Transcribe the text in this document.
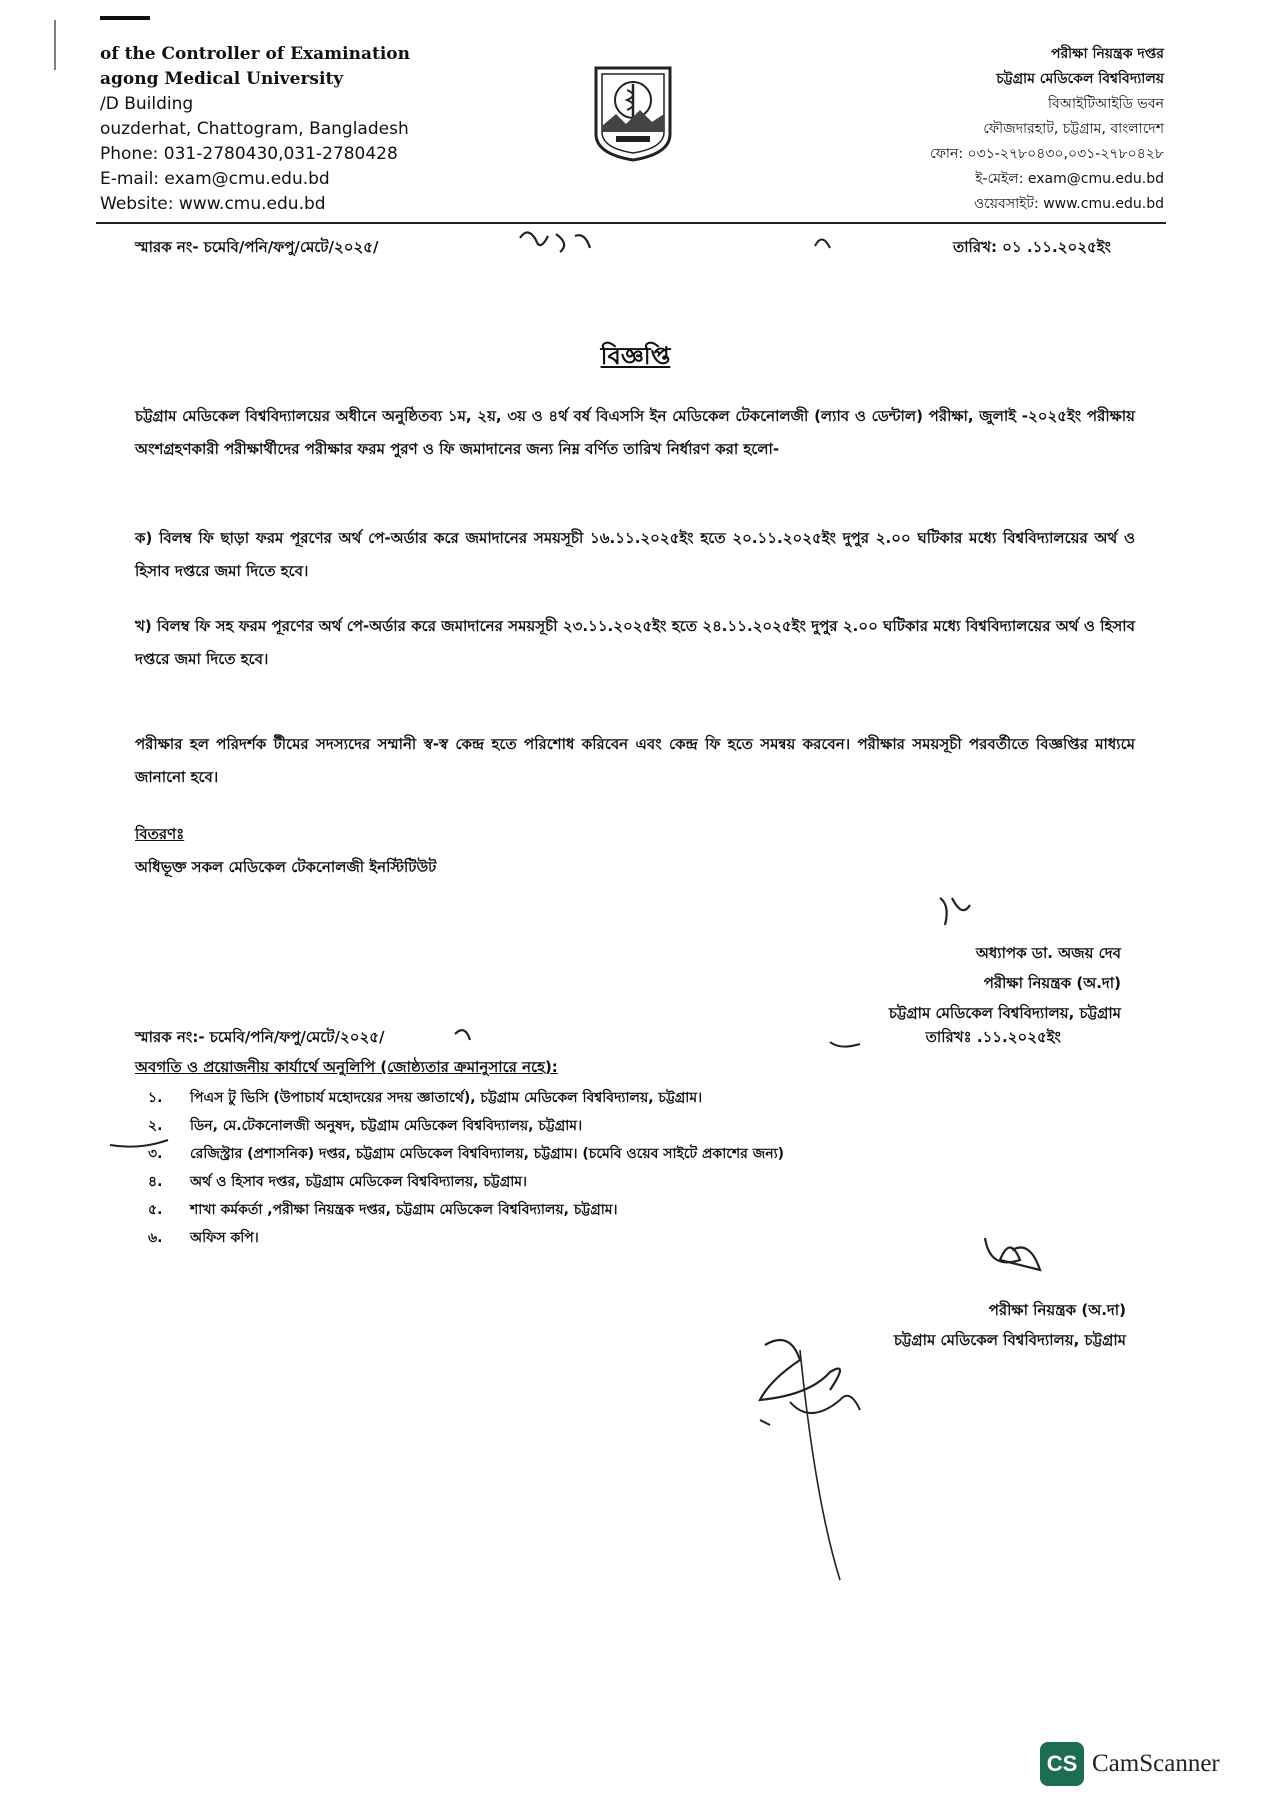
of the Controller of Examination
agong Medical University
/D Building
ouzderhat, Chattogram, Bangladesh
Phone: 031-2780430,031-2780428
E-mail: exam@cmu.edu.bd
Website: www.cmu.edu.bd
পরীক্ষা নিয়ন্ত্রক দপ্তর
চট্টগ্রাম মেডিকেল বিশ্ববিদ্যালয়
বিআইটিআইডি ভবন
ফৌজদারহাট, চট্টগ্রাম, বাংলাদেশ
ফোন: ০৩১-২৭৮০৪৩০,০৩১-২৭৮০৪২৮
ই-মেইল: exam@cmu.edu.bd
ওয়েবসাইট: www.cmu.edu.bd
স্মারক নং- চমেবি/পনি/ফপু/মেটে/২০২৫/	তারিখ: ০১ .১১.২০২৫ইং
বিজ্ঞপ্তি
চট্টগ্রাম মেডিকেল বিশ্ববিদ্যালয়ের অধীনে অনুষ্ঠিতব্য ১ম, ২য়, ৩য় ও ৪র্থ বর্ষ বিএসসি ইন মেডিকেল টেকনোলজী (ল্যাব ও ডেন্টাল) পরীক্ষা, জুলাই -২০২৫ইং পরীক্ষায় অংশগ্রহণকারী পরীক্ষার্থীদের পরীক্ষার ফরম পুরণ ও ফি জমাদানের জন্য নিম্ন বর্ণিত তারিখ নির্ধারণ করা হলো-
ক) বিলম্ব ফি ছাড়া ফরম পূরণের অর্থ পে-অর্ডার করে জমাদানের সময়সূচী ১৬.১১.২০২৫ইং হতে ২০.১১.২০২৫ইং দুপুর ২.০০ ঘটিকার মধ্যে বিশ্ববিদ্যালয়ের অর্থ ও হিসাব দপ্তরে জমা দিতে হবে।
খ) বিলম্ব ফি সহ ফরম পূরণের অর্থ পে-অর্ডার করে জমাদানের সময়সূচী ২৩.১১.২০২৫ইং হতে ২৪.১১.২০২৫ইং দুপুর ২.০০ ঘটিকার মধ্যে বিশ্ববিদ্যালয়ের অর্থ ও হিসাব দপ্তরে জমা দিতে হবে।
পরীক্ষার হল পরিদর্শক টীমের সদস্যদের সম্মানী স্ব-স্ব কেন্দ্র হতে পরিশোধ করিবেন এবং কেন্দ্র ফি হতে সমন্বয় করবেন। পরীক্ষার সময়সূচী পরবর্তীতে বিজ্ঞপ্তির মাধ্যমে জানানো হবে।
বিতরণঃ
অধিভূক্ত সকল মেডিকেল টেকনোলজী ইনস্টিটিউট
অধ্যাপক ডা. অজয় দেব
পরীক্ষা নিয়ন্ত্রক (অ.দা)
চট্টগ্রাম মেডিকেল বিশ্ববিদ্যালয়, চট্টগ্রাম
স্মারক নং:- চমেবি/পনি/ফপু/মেটে/২০২৫/	তারিখঃ .১১.২০২৫ইং
অবগতি ও প্রয়োজনীয় কার্যার্থে অনুলিপি (জোষ্ঠ্যতার ক্রমানুসারে নহে):
১.	পিএস টু ভিসি (উপাচার্য মহোদয়ের সদয় জ্ঞাতার্থে), চট্টগ্রাম মেডিকেল বিশ্ববিদ্যালয়, চট্টগ্রাম।
২.	ডিন, মে.টেকনোলজী অনুষদ, চট্টগ্রাম মেডিকেল বিশ্ববিদ্যালয়, চট্টগ্রাম।
৩.	রেজিস্ট্রার (প্রশাসনিক) দপ্তর, চট্টগ্রাম মেডিকেল বিশ্ববিদ্যালয়, চট্টগ্রাম। (চমেবি ওয়েব সাইটে প্রকাশের জন্য)
৪.	অর্থ ও হিসাব দপ্তর, চট্টগ্রাম মেডিকেল বিশ্ববিদ্যালয়, চট্টগ্রাম।
৫.	শাখা কর্মকর্তা ,পরীক্ষা নিয়ন্ত্রক দপ্তর, চট্টগ্রাম মেডিকেল বিশ্ববিদ্যালয়, চট্টগ্রাম।
৬.	অফিস কপি।
পরীক্ষা নিয়ন্ত্রক (অ.দা)
চট্টগ্রাম মেডিকেল বিশ্ববিদ্যালয়, চট্টগ্রাম
CS CamScanner
